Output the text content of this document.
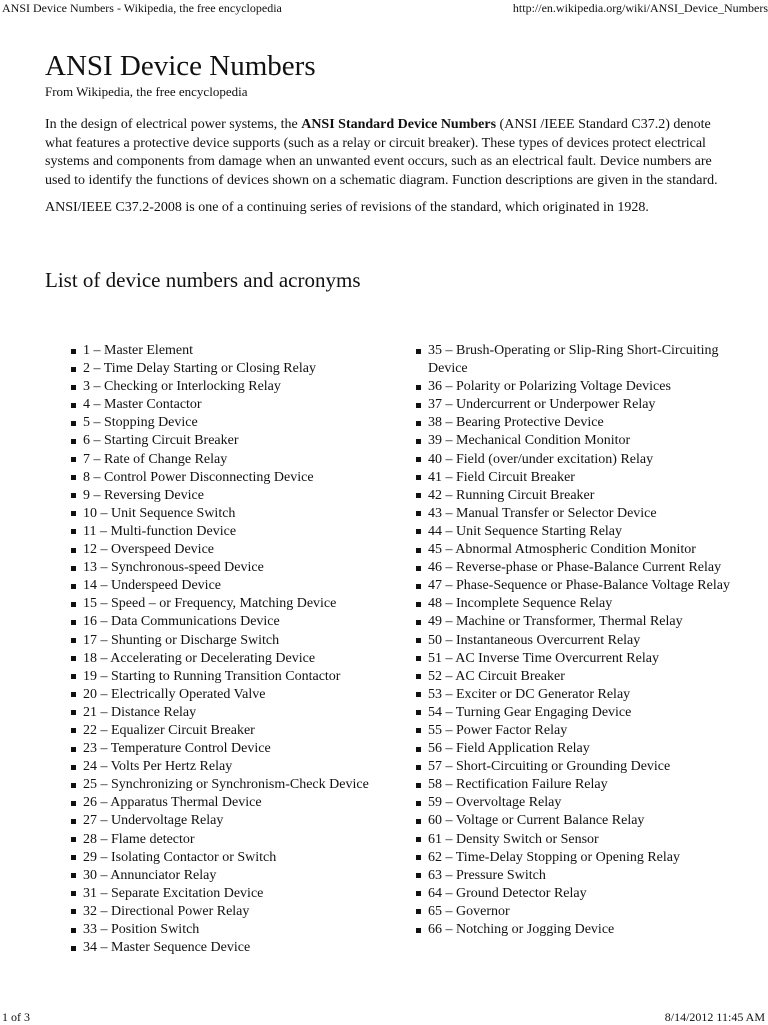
ANSI Device Numbers - Wikipedia, the free encyclopedia	http://en.wikipedia.org/wiki/ANSI_Device_Numbers
ANSI Device Numbers
From Wikipedia, the free encyclopedia

In the design of electrical power systems, the ANSI Standard Device Numbers (ANSI /IEEE Standard C37.2) denote what features a protective device supports (such as a relay or circuit breaker). These types of devices protect electrical systems and components from damage when an unwanted event occurs, such as an electrical fault. Device numbers are used to identify the functions of devices shown on a schematic diagram. Function descriptions are given in the standard.

ANSI/IEEE C37.2-2008 is one of a continuing series of revisions of the standard, which originated in 1928.

List of device numbers and acronyms
1 – Master Element
2 – Time Delay Starting or Closing Relay
3 – Checking or Interlocking Relay
4 – Master Contactor
5 – Stopping Device
6 – Starting Circuit Breaker
7 – Rate of Change Relay
8 – Control Power Disconnecting Device
9 – Reversing Device
10 – Unit Sequence Switch
11 – Multi-function Device
12 – Overspeed Device
13 – Synchronous-speed Device
14 – Underspeed Device
15 – Speed – or Frequency, Matching Device
16 – Data Communications Device
17 – Shunting or Discharge Switch
18 – Accelerating or Decelerating Device
19 – Starting to Running Transition Contactor
20 – Electrically Operated Valve
21 – Distance Relay
22 – Equalizer Circuit Breaker
23 – Temperature Control Device
24 – Volts Per Hertz Relay
25 – Synchronizing or Synchronism-Check Device
26 – Apparatus Thermal Device
27 – Undervoltage Relay
28 – Flame detector
29 – Isolating Contactor or Switch
30 – Annunciator Relay
31 – Separate Excitation Device
32 – Directional Power Relay
33 – Position Switch
34 – Master Sequence Device
35 – Brush-Operating or Slip-Ring Short-Circuiting Device
36 – Polarity or Polarizing Voltage Devices
37 – Undercurrent or Underpower Relay
38 – Bearing Protective Device
39 – Mechanical Condition Monitor
40 – Field (over/under excitation) Relay
41 – Field Circuit Breaker
42 – Running Circuit Breaker
43 – Manual Transfer or Selector Device
44 – Unit Sequence Starting Relay
45 – Abnormal Atmospheric Condition Monitor
46 – Reverse-phase or Phase-Balance Current Relay
47 – Phase-Sequence or Phase-Balance Voltage Relay
48 – Incomplete Sequence Relay
49 – Machine or Transformer, Thermal Relay
50 – Instantaneous Overcurrent Relay
51 – AC Inverse Time Overcurrent Relay
52 – AC Circuit Breaker
53 – Exciter or DC Generator Relay
54 – Turning Gear Engaging Device
55 – Power Factor Relay
56 – Field Application Relay
57 – Short-Circuiting or Grounding Device
58 – Rectification Failure Relay
59 – Overvoltage Relay
60 – Voltage or Current Balance Relay
61 – Density Switch or Sensor
62 – Time-Delay Stopping or Opening Relay
63 – Pressure Switch
64 – Ground Detector Relay
65 – Governor
66 – Notching or Jogging Device
1 of 3	8/14/2012 11:45 AM
